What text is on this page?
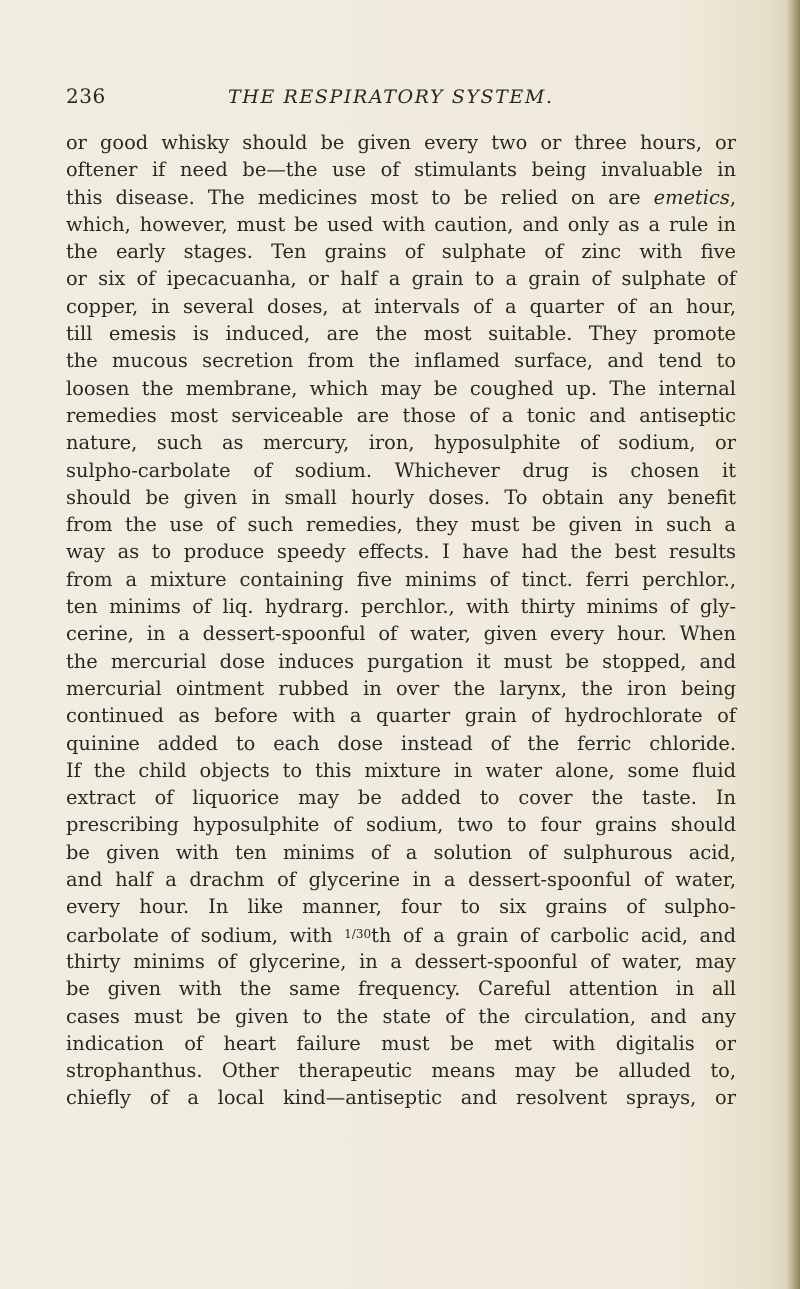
236	THE RESPIRATORY SYSTEM.
or good whisky should be given every two or three hours, or
oftener if need be—the use of stimulants being invaluable in
this disease. The medicines most to be relied on are emetics,
which, however, must be used with caution, and only as a rule in
the early stages. Ten grains of sulphate of zinc with five
or six of ipecacuanha, or half a grain to a grain of sulphate of
copper, in several doses, at intervals of a quarter of an hour,
till emesis is induced, are the most suitable. They promote
the mucous secretion from the inflamed surface, and tend to
loosen the membrane, which may be coughed up. The internal
remedies most serviceable are those of a tonic and antiseptic
nature, such as mercury, iron, hyposulphite of sodium, or
sulpho-carbolate of sodium. Whichever drug is chosen it
should be given in small hourly doses. To obtain any benefit
from the use of such remedies, they must be given in such a
way as to produce speedy effects. I have had the best results
from a mixture containing five minims of tinct. ferri perchlor.,
ten minims of liq. hydrarg. perchlor., with thirty minims of gly-
cerine, in a dessert-spoonful of water, given every hour. When
the mercurial dose induces purgation it must be stopped, and
mercurial ointment rubbed in over the larynx, the iron being
continued as before with a quarter grain of hydrochlorate of
quinine added to each dose instead of the ferric chloride.
If the child objects to this mixture in water alone, some fluid
extract of liquorice may be added to cover the taste. In
prescribing hyposulphite of sodium, two to four grains should
be given with ten minims of a solution of sulphurous acid,
and half a drachm of glycerine in a dessert-spoonful of water,
every hour. In like manner, four to six grains of sulpho-
carbolate of sodium, with $^{1/30}$th of a grain of carbolic acid, and
thirty minims of glycerine, in a dessert-spoonful of water, may
be given with the same frequency. Careful attention in all
cases must be given to the state of the circulation, and any
indication of heart failure must be met with digitalis or
strophanthus. Other therapeutic means may be alluded to,
chiefly of a local kind—antiseptic and resolvent sprays, or
